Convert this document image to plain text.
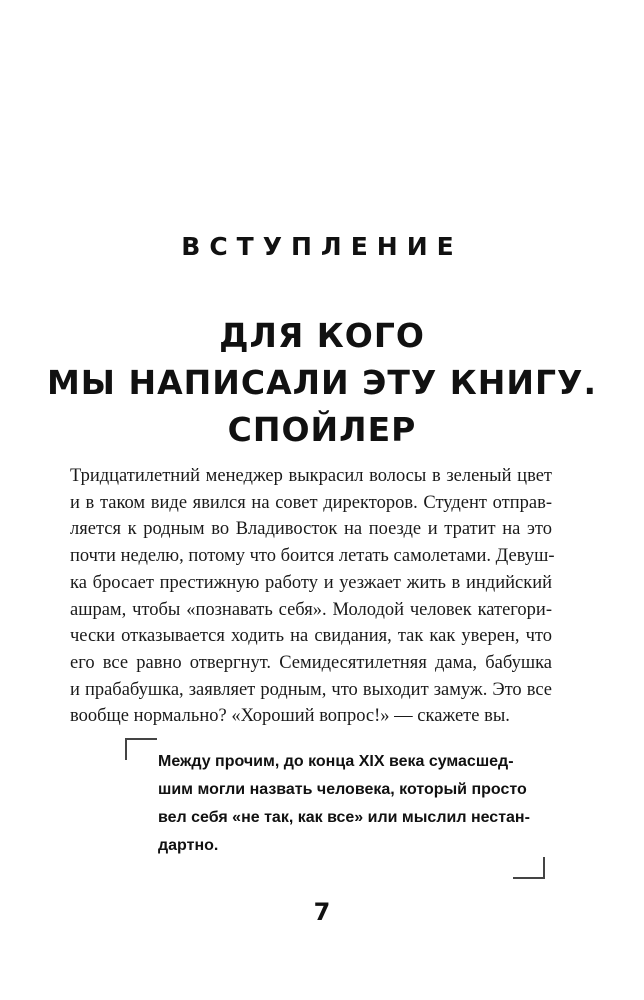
ВСТУПЛЕНИЕ
ДЛЯ КОГО
МЫ НАПИСАЛИ ЭТУ КНИГУ.
СПОЙЛЕР
Тридцатилетний менеджер выкрасил волосы в зеленый цвет
и в таком виде явился на совет директоров. Студент отправ-
ляется к родным во Владивосток на поезде и тратит на это
почти неделю, потому что боится летать самолетами. Девуш-
ка бросает престижную работу и уезжает жить в индийский
ашрам, чтобы «познавать себя». Молодой человек категори-
чески отказывается ходить на свидания, так как уверен, что
его все равно отвергнут. Семидесятилетняя дама, бабушка
и прабабушка, заявляет родным, что выходит замуж. Это все
вообще нормально? «Хороший вопрос!» — скажете вы.
Между прочим, до конца XIX века сумасшед-
шим могли назвать человека, который просто
вел себя «не так, как все» или мыслил нестан-
дартно.
7
